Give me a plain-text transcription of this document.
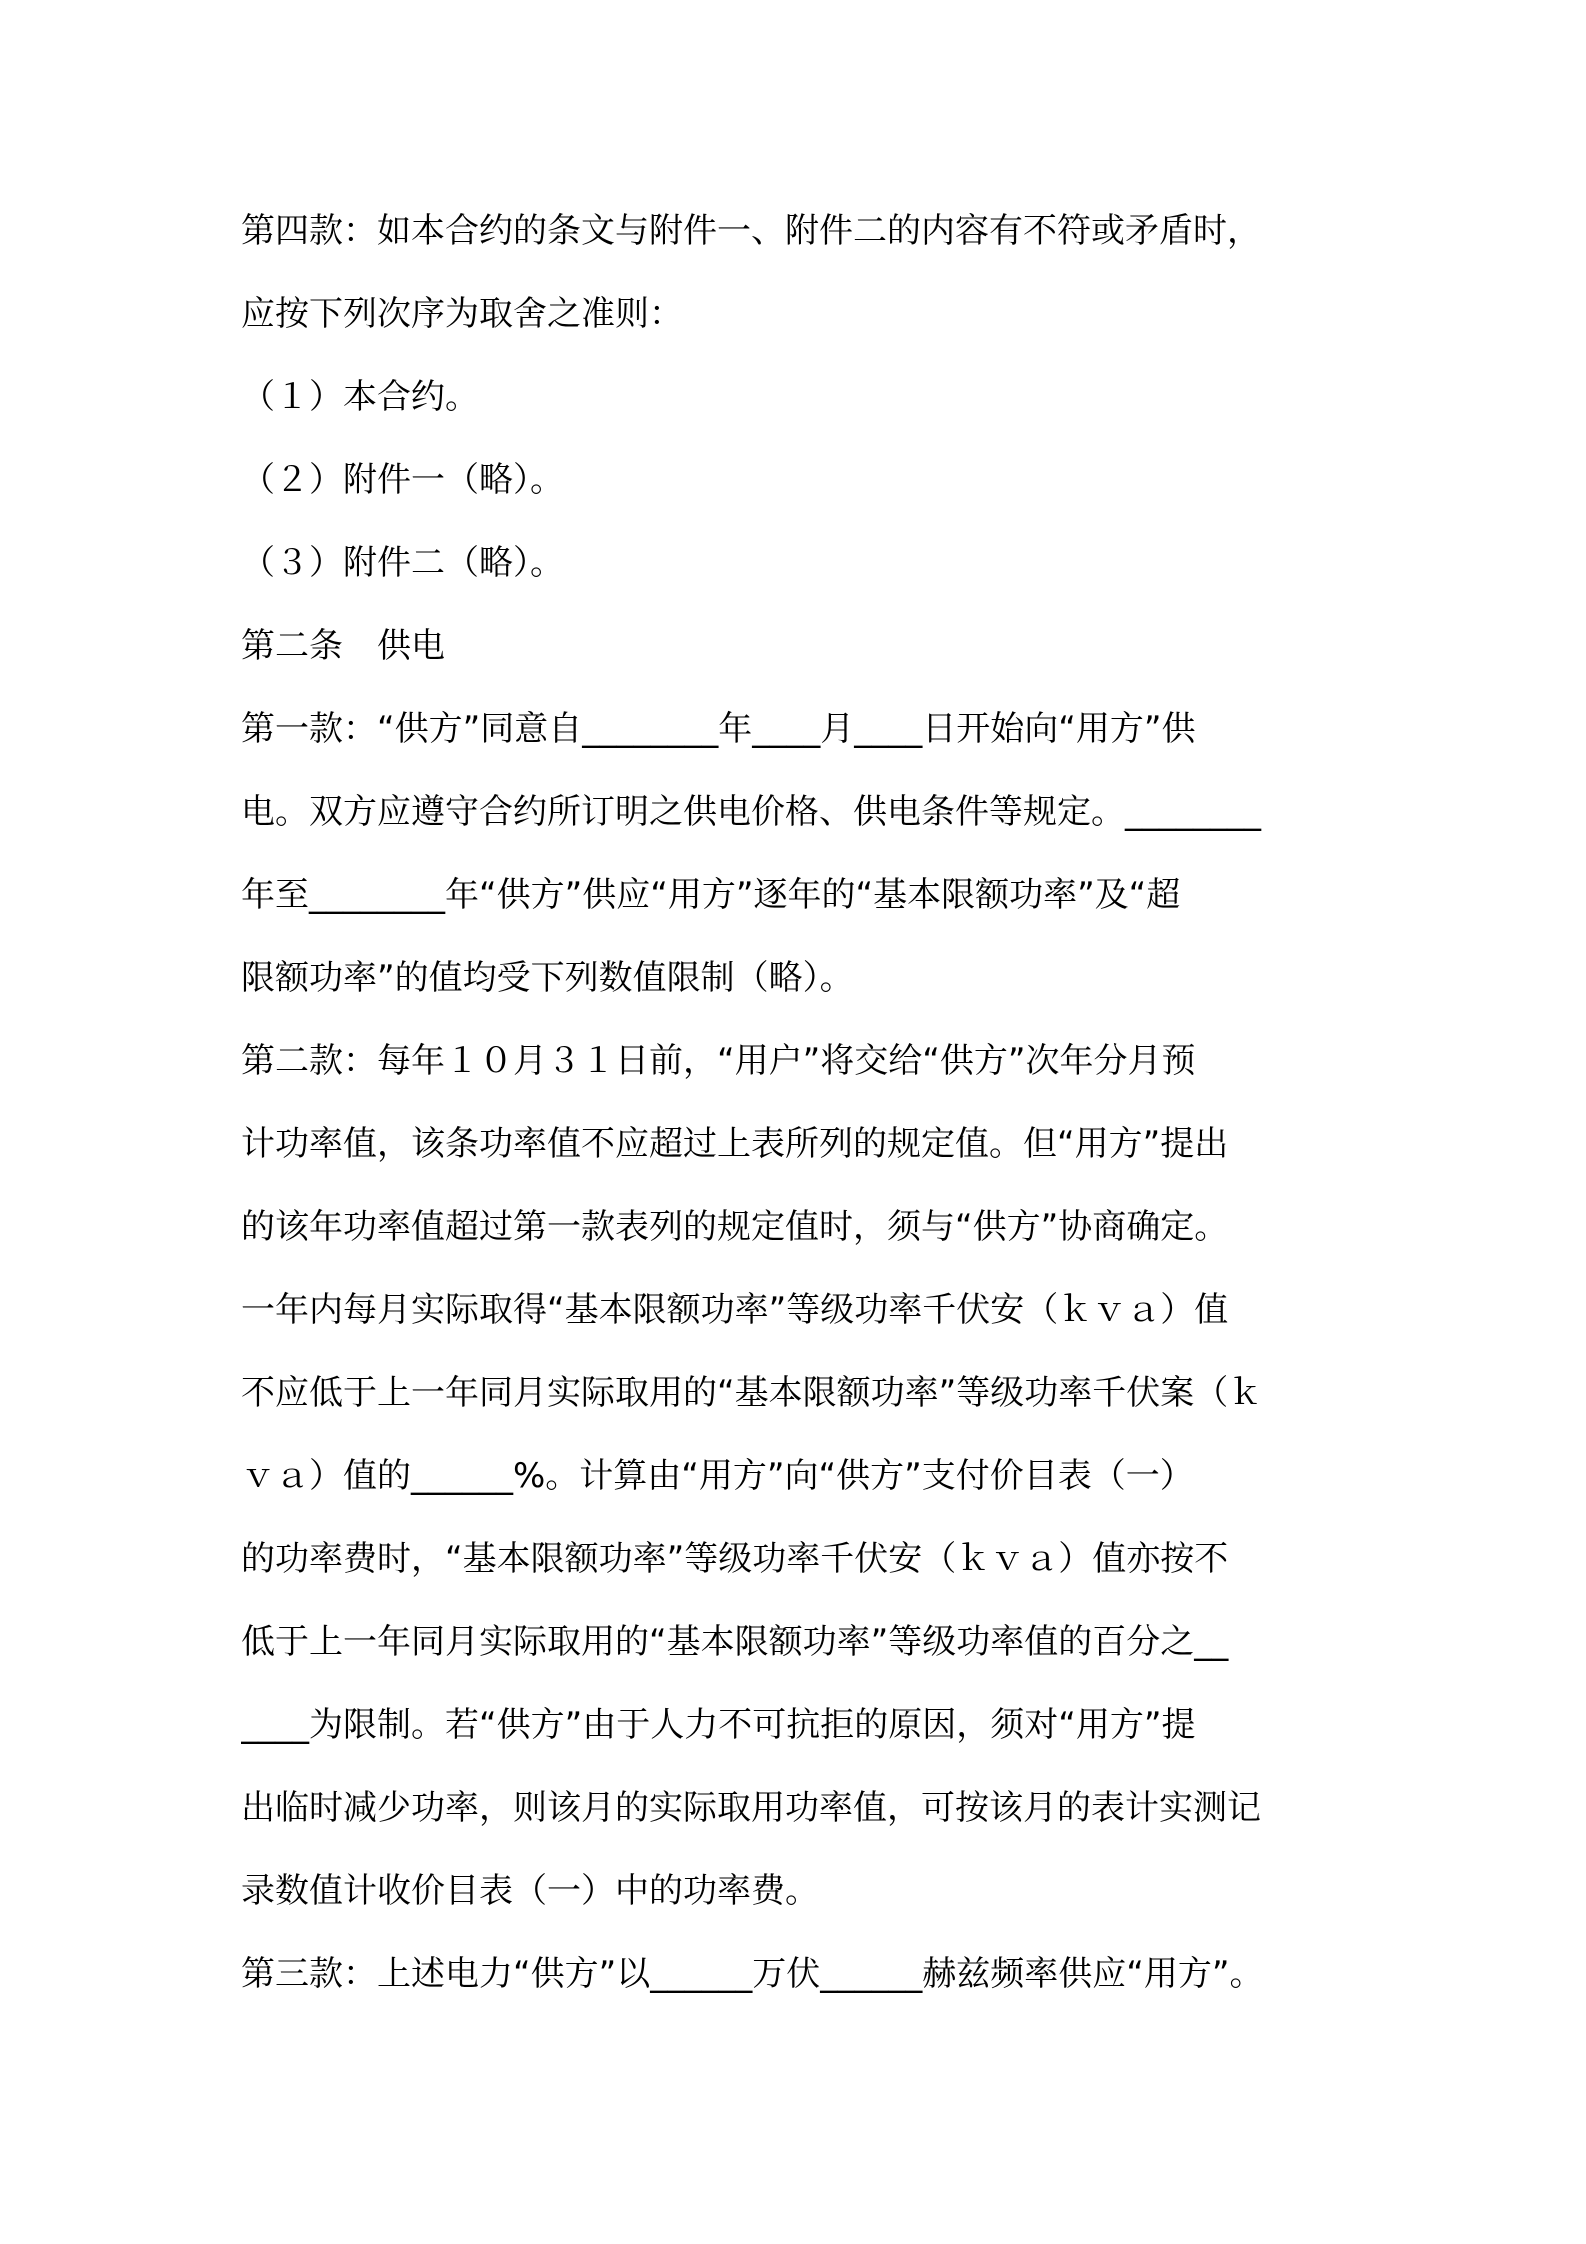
第四款：如本合约的条文与附件一、附件二的内容有不符或矛盾时，
应按下列次序为取舍之准则：
（１）本合约。
（２）附件一（略）。
（３）附件二（略）。
第二条　供电
第一款：“供方”同意自________年____月____日开始向“用方”供
电。双方应遵守合约所订明之供电价格、供电条件等规定。________
年至________年“供方”供应“用方”逐年的“基本限额功率”及“超
限额功率”的值均受下列数值限制（略）。
第二款：每年１０月３１日前，“用户”将交给“供方”次年分月预
计功率值，该条功率值不应超过上表所列的规定值。但“用方”提出
的该年功率值超过第一款表列的规定值时，须与“供方”协商确定。
一年内每月实际取得“基本限额功率”等级功率千伏安（ｋｖａ）值
不应低于上一年同月实际取用的“基本限额功率”等级功率千伏案（ｋ
ｖａ）值的______%。计算由“用方”向“供方”支付价目表（一）
的功率费时，“基本限额功率”等级功率千伏安（ｋｖａ）值亦按不
低于上一年同月实际取用的“基本限额功率”等级功率值的百分之__
____为限制。若“供方”由于人力不可抗拒的原因，须对“用方”提
出临时减少功率，则该月的实际取用功率值，可按该月的表计实测记
录数值计收价目表（一）中的功率费。
第三款：上述电力“供方”以______万伏______赫兹频率供应“用方”。
